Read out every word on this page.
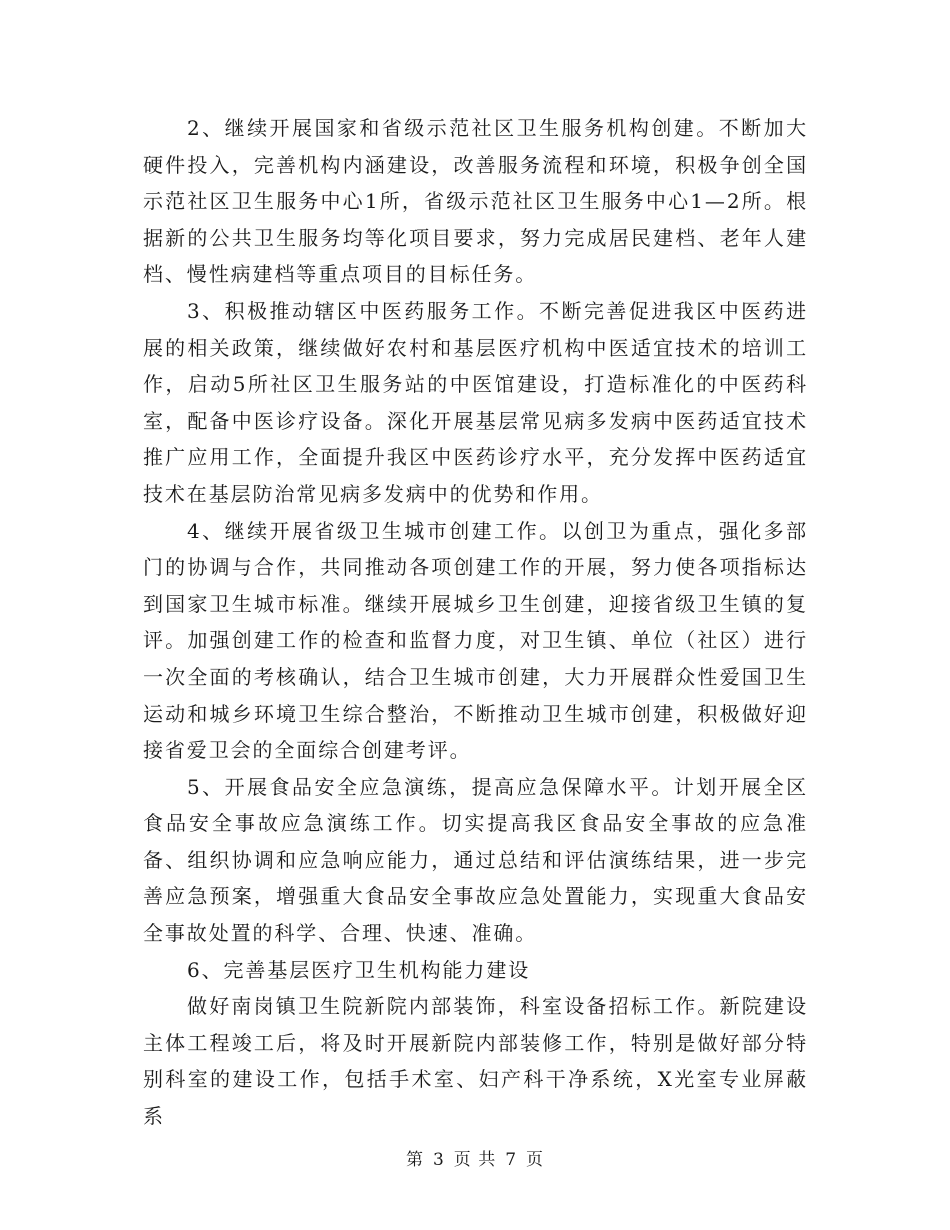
2、继续开展国家和省级示范社区卫生服务机构创建。不断加大硬件投入，完善机构内涵建设，改善服务流程和环境，积极争创全国示范社区卫生服务中心1所，省级示范社区卫生服务中心1—2所。根据新的公共卫生服务均等化项目要求，努力完成居民建档、老年人建档、慢性病建档等重点项目的目标任务。

3、积极推动辖区中医药服务工作。不断完善促进我区中医药进展的相关政策，继续做好农村和基层医疗机构中医适宜技术的培训工作，启动5所社区卫生服务站的中医馆建设，打造标准化的中医药科室，配备中医诊疗设备。深化开展基层常见病多发病中医药适宜技术推广应用工作，全面提升我区中医药诊疗水平，充分发挥中医药适宜技术在基层防治常见病多发病中的优势和作用。

4、继续开展省级卫生城市创建工作。以创卫为重点，强化多部门的协调与合作，共同推动各项创建工作的开展，努力使各项指标达到国家卫生城市标准。继续开展城乡卫生创建，迎接省级卫生镇的复评。加强创建工作的检查和监督力度，对卫生镇、单位（社区）进行一次全面的考核确认，结合卫生城市创建，大力开展群众性爱国卫生运动和城乡环境卫生综合整治，不断推动卫生城市创建，积极做好迎接省爱卫会的全面综合创建考评。

5、开展食品安全应急演练，提高应急保障水平。计划开展全区食品安全事故应急演练工作。切实提高我区食品安全事故的应急准备、组织协调和应急响应能力，通过总结和评估演练结果，进一步完善应急预案，增强重大食品安全事故应急处置能力，实现重大食品安全事故处置的科学、合理、快速、准确。

6、完善基层医疗卫生机构能力建设

做好南岗镇卫生院新院内部装饰，科室设备招标工作。新院建设主体工程竣工后，将及时开展新院内部装修工作，特别是做好部分特别科室的建设工作，包括手术室、妇产科干净系统，X光室专业屏蔽系

第 3 页 共 7 页
